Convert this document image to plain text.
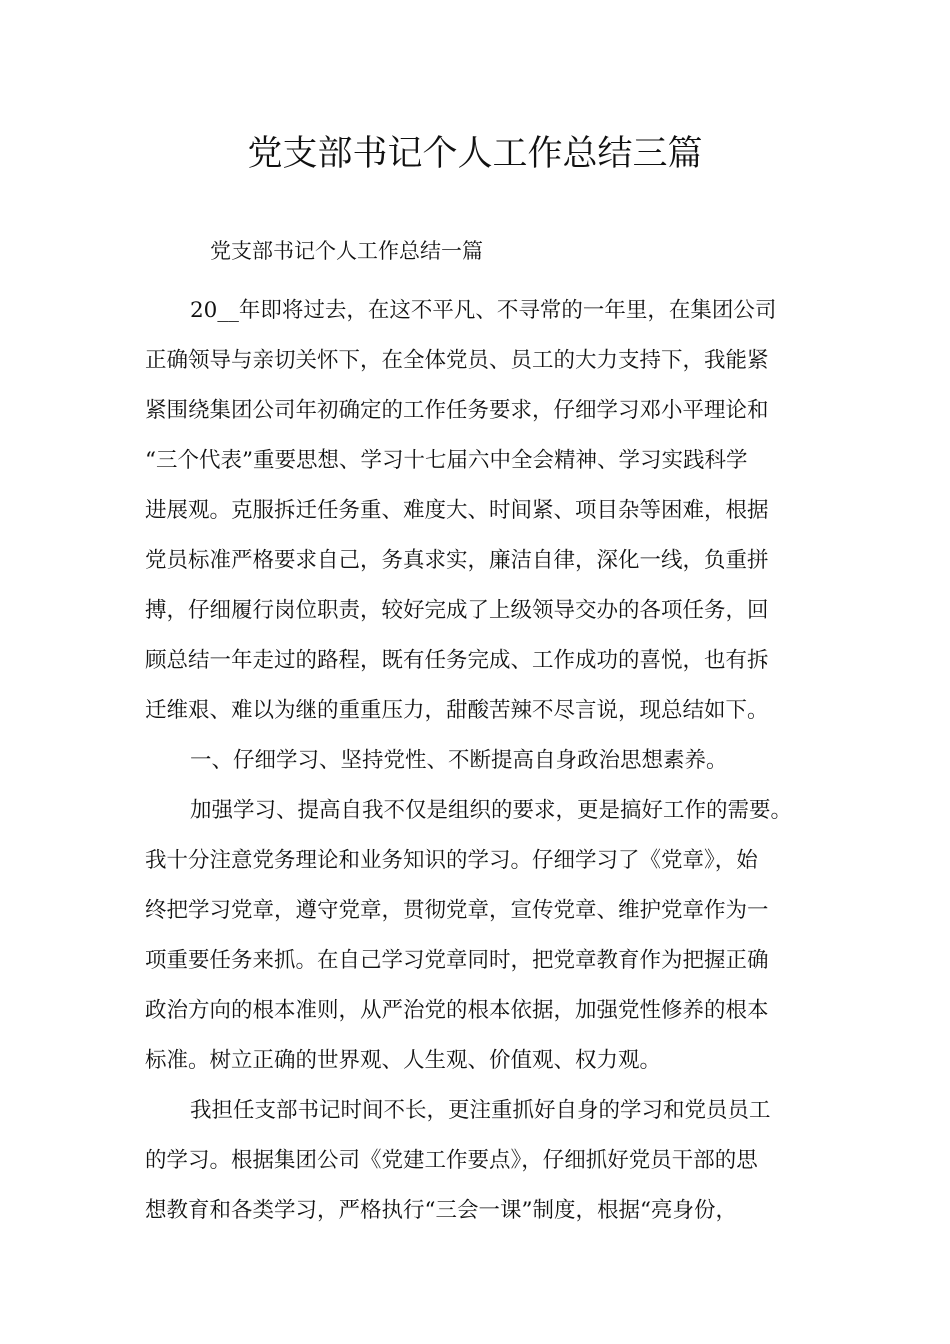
党支部书记个人工作总结三篇

党支部书记个人工作总结一篇

20__年即将过去，在这不平凡、不寻常的一年里，在集团公司
正确领导与亲切关怀下，在全体党员、员工的大力支持下，我能紧
紧围绕集团公司年初确定的工作任务要求，仔细学习邓小平理论和
“三个代表”重要思想、学习十七届六中全会精神、学习实践科学
进展观。克服拆迁任务重、难度大、时间紧、项目杂等困难，根据
党员标准严格要求自己，务真求实，廉洁自律，深化一线，负重拼
搏，仔细履行岗位职责，较好完成了上级领导交办的各项任务，回
顾总结一年走过的路程，既有任务完成、工作成功的喜悦，也有拆
迁维艰、难以为继的重重压力，甜酸苦辣不尽言说，现总结如下。
一、仔细学习、坚持党性、不断提高自身政治思想素养。
加强学习、提高自我不仅是组织的要求，更是搞好工作的需要。
我十分注意党务理论和业务知识的学习。仔细学习了《党章》，始
终把学习党章，遵守党章，贯彻党章，宣传党章、维护党章作为一
项重要任务来抓。在自己学习党章同时，把党章教育作为把握正确
政治方向的根本准则，从严治党的根本依据，加强党性修养的根本
标准。树立正确的世界观、人生观、价值观、权力观。
我担任支部书记时间不长，更注重抓好自身的学习和党员员工
的学习。根据集团公司《党建工作要点》，仔细抓好党员干部的思
想教育和各类学习，严格执行“三会一课”制度，根据“亮身份，
